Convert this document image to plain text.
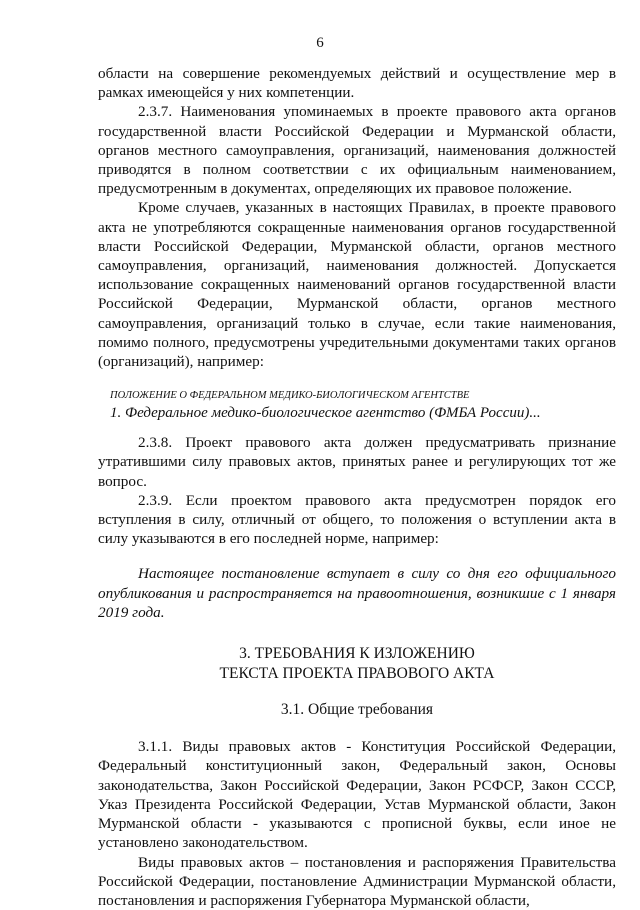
6

области на совершение рекомендуемых действий и осуществление мер в рамках имеющейся у них компетенции.

2.3.7. Наименования упоминаемых в проекте правового акта органов государственной власти Российской Федерации и Мурманской области, органов местного самоуправления, организаций, наименования должностей приводятся в полном соответствии с их официальным наименованием, предусмотренным в документах, определяющих их правовое положение.

Кроме случаев, указанных в настоящих Правилах, в проекте правового акта не употребляются сокращенные наименования органов государственной власти Российской Федерации, Мурманской области, органов местного самоуправления, организаций, наименования должностей. Допускается использование сокращенных наименований органов государственной власти Российской Федерации, Мурманской области, органов местного самоуправления, организаций только в случае, если такие наименования, помимо полного, предусмотрены учредительными документами таких органов (организаций), например:

ПОЛОЖЕНИЕ О ФЕДЕРАЛЬНОМ МЕДИКО-БИОЛОГИЧЕСКОМ АГЕНТСТВЕ
1. Федеральное медико-биологическое агентство (ФМБА России)...

2.3.8. Проект правового акта должен предусматривать признание утратившими силу правовых актов, принятых ранее и регулирующих тот же вопрос.

2.3.9. Если проектом правового акта предусмотрен порядок его вступления в силу, отличный от общего, то положения о вступлении акта в силу указываются в его последней норме, например:

Настоящее постановление вступает в силу со дня его официального опубликования и распространяется на правоотношения, возникшие с 1 января 2019 года.

3. ТРЕБОВАНИЯ К ИЗЛОЖЕНИЮ
ТЕКСТА ПРОЕКТА ПРАВОВОГО АКТА
3.1. Общие требования

3.1.1. Виды правовых актов - Конституция Российской Федерации, Федеральный конституционный закон, Федеральный закон, Основы законодательства, Закон Российской Федерации, Закон РСФСР, Закон СССР, Указ Президента Российской Федерации, Устав Мурманской области, Закон Мурманской области - указываются с прописной буквы, если иное не установлено законодательством.

Виды правовых актов – постановления и распоряжения Правительства Российской Федерации, постановление Администрации Мурманской области, постановления и распоряжения Губернатора Мурманской области,
